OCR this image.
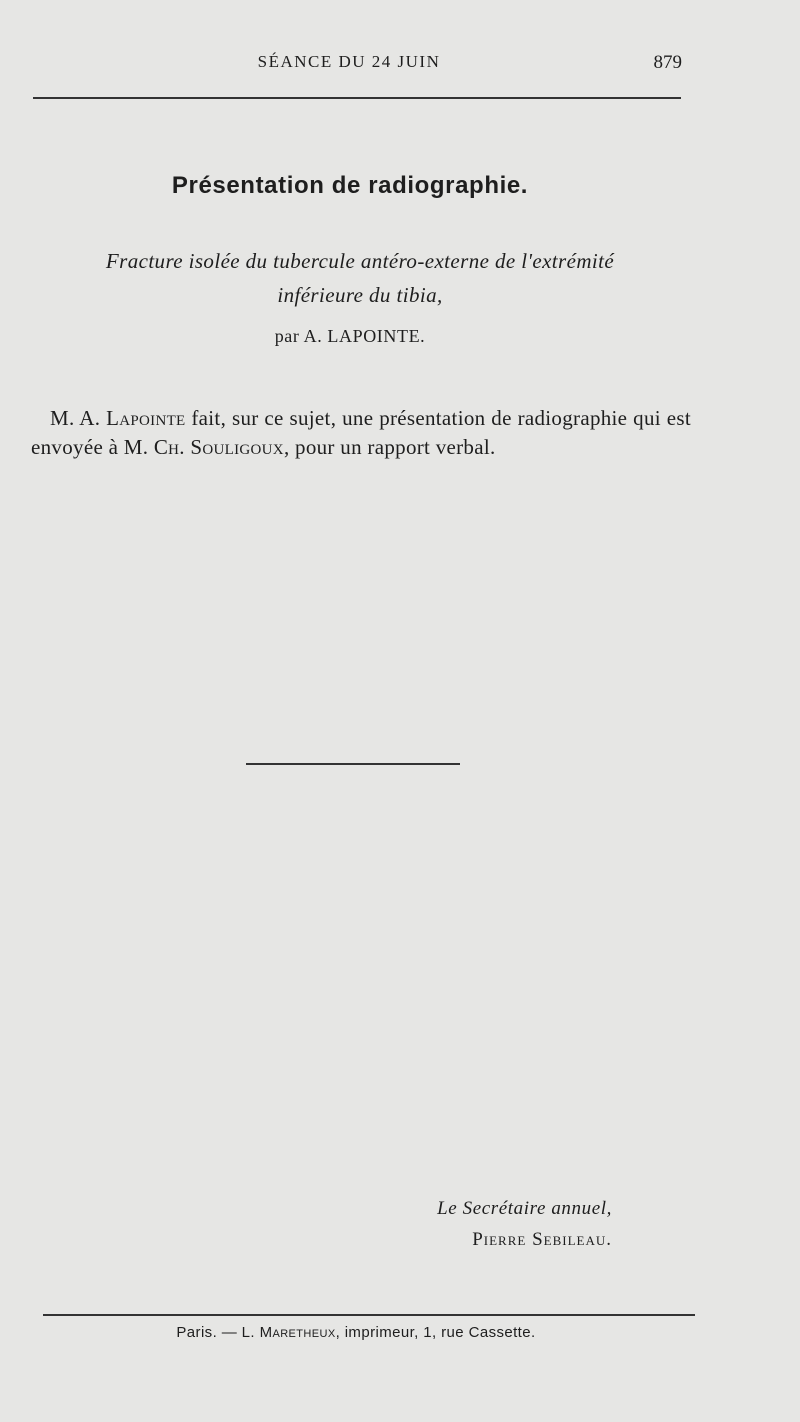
SÉANCE DU 24 JUIN	879
Présentation de radiographie.
Fracture isolée du tubercule antéro-externe de l'extrémité
inférieure du tibia,
par A. LAPOINTE.

M. A. Lapointe fait, sur ce sujet, une présentation de radiographie qui est envoyée à M. Ch. Souligoux, pour un rapport verbal.

Le Secrétaire annuel,
Pierre Sebileau.
Paris. — L. Maretheux, imprimeur, 1, rue Cassette.
